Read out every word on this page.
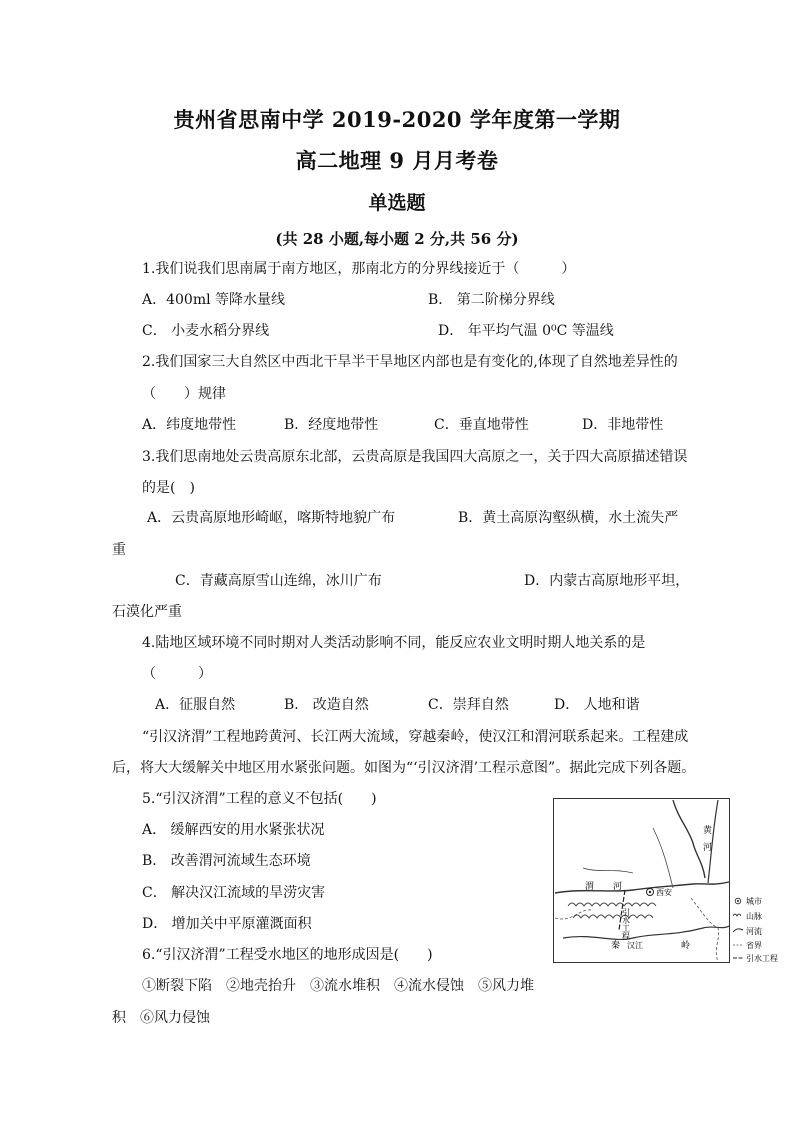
贵州省思南中学 2019-2020 学年度第一学期
高二地理 9 月月考卷
单选题
(共 28 小题,每小题 2 分,共 56 分)
1.我们说我们思南属于南方地区，那南北方的分界线接近于（　　　）
A．400ml 等降水量线	B． 第二阶梯分界线
C． 小麦水稻分界线	D． 年平均气温 0⁰C 等温线
2.我们国家三大自然区中西北干旱半干旱地区内部也是有变化的,体现了自然地差异性的
（　　）规律
A．纬度地带性	B．经度地带性	C．垂直地带性	D．非地带性
3.我们思南地处云贵高原东北部，云贵高原是我国四大高原之一，关于四大高原描述错误
的是(　)
A．云贵高原地形崎岖，喀斯特地貌广布	B．黄土高原沟壑纵横，水土流失严
重
C．青藏高原雪山连绵，冰川广布	D．内蒙古高原地形平坦，
石漠化严重
4.陆地区域环境不同时期对人类活动影响不同，能反应农业文明时期人地关系的是
（　　　）
A．征服自然	B． 改造自然	C．崇拜自然	D． 人地和谐
“引汉济渭”工程地跨黄河、长江两大流域，穿越秦岭，使汉江和渭河联系起来。工程建成
后，将大大缓解关中地区用水紧张问题。如图为“‘引汉济渭’工程示意图”。据此完成下列各题。
5.“引汉济渭”工程的意义不包括(　　)
A． 缓解西安的用水紧张状况
B． 改善渭河流域生态环境
C． 解决汉江流域的旱涝灾害
D． 增加关中平原灌溉面积
6.“引汉济渭”工程受水地区的地形成因是(　　)
①断裂下陷　②地壳抬升　③流水堆积　④流水侵蚀　⑤风力堆
积　⑥风力侵蚀
黄
河
渭 河
西安
引水工程
秦	岭
汉江
城市
山脉
河流
省界
引水工程
